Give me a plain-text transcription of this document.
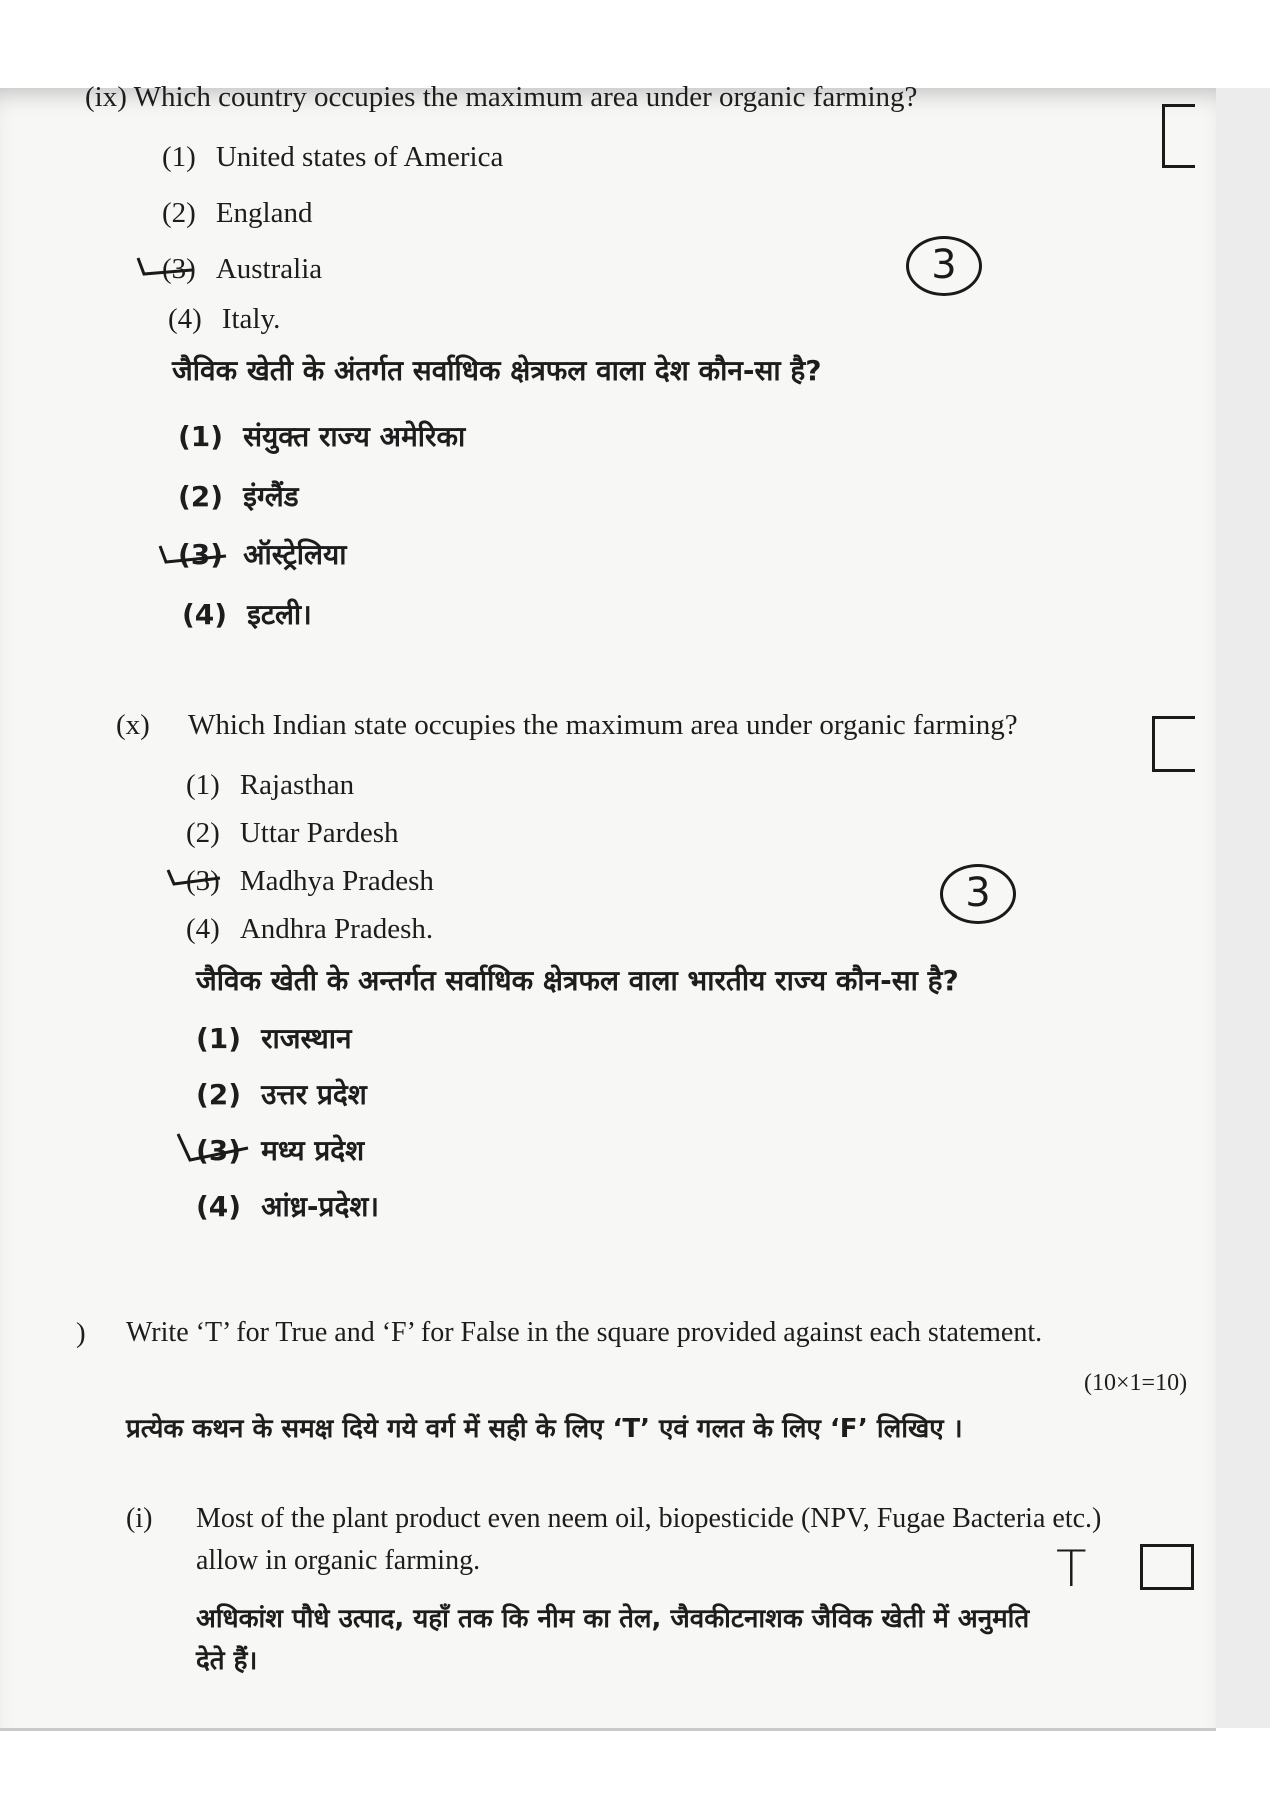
(ix) Which country occupies the maximum area under organic farming?
(1) United states of America
(2) England
(3) Australia
(4) Italy.
3
जैविक खेती के अंतर्गत सर्वाधिक क्षेत्रफल वाला देश कौन-सा है?
(1) संयुक्त राज्य अमेरिका
(2) इंग्लैंड
(3) ऑस्ट्रेलिया
(4) इटली।
(x) Which Indian state occupies the maximum area under organic farming?
(1) Rajasthan
(2) Uttar Pardesh
(3) Madhya Pradesh
(4) Andhra Pradesh.
3
जैविक खेती के अन्तर्गत सर्वाधिक क्षेत्रफल वाला भारतीय राज्य कौन-सा है?
(1) राजस्थान
(2) उत्तर प्रदेश
(3) मध्य प्रदेश
(4) आंध्र-प्रदेश।
) Write ‘T’ for True and ‘F’ for False in the square provided against each statement.
(10×1=10)
प्रत्येक कथन के समक्ष दिये गये वर्ग में सही के लिए ‘T’ एवं गलत के लिए ‘F’ लिखिए ।
(i) Most of the plant product even neem oil, biopesticide (NPV, Fugae Bacteria etc.)
allow in organic farming.
अधिकांश पौधे उत्पाद, यहाँ तक कि नीम का तेल, जैवकीटनाशक जैविक खेती में अनुमति
देते हैं।
T
